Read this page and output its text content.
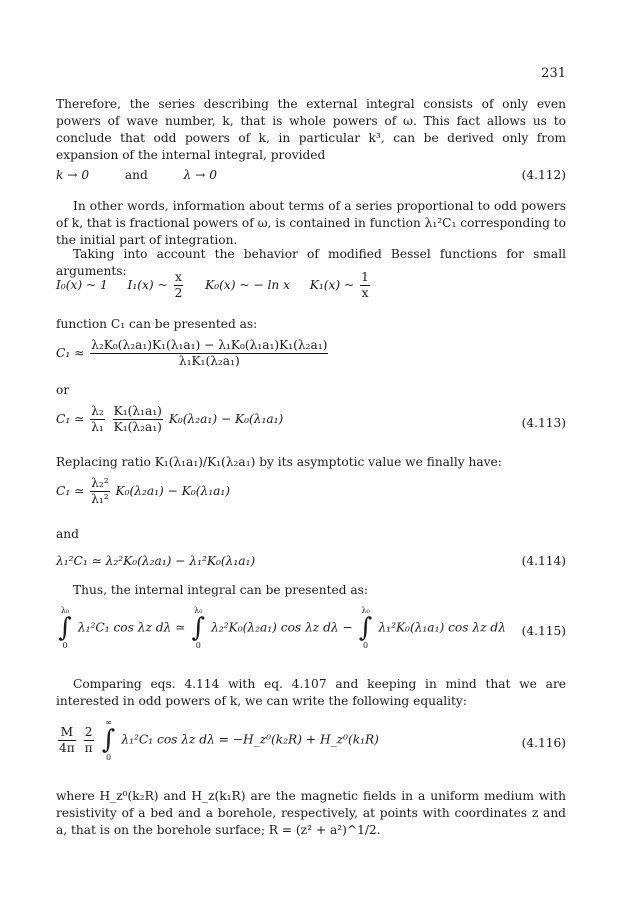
231

Therefore, the series describing the external integral consists of only even powers of wave number, k, that is whole powers of ω. This fact allows us to conclude that odd powers of k, in particular k³, can be derived only from expansion of the internal integral, provided

k → 0	and	λ → 0	(4.112)

In other words, information about terms of a series proportional to odd powers of k, that is fractional powers of ω, is contained in function λ₁²C₁ corresponding to the initial part of integration.

Taking into account the behavior of modified Bessel functions for small arguments:

I₀(x) ~ 1 I₁(x) ~ $\frac{x}{2} K_0(x)$ ~ − ln x K₁(x) ~ $\frac{1}{x}$

function C₁ can be presented as:

$C_1 \approx \frac{\text{λ₂K₀(λ₂a₁)K₁(λ₁a₁) − λ₁K₀(λ₁a₁)K₁(λ₂a₁)}}{\text{λ₁K₁(λ₂a₁)}}$

or

C₁ ≃ $\frac{\text{λ₂}}{\text{λ₁}}$
$\frac{\text{K₁(λ₁a₁)}}{\text{K₁(λ₂a₁)}} K_0(\lambda_2a_1) - K_0(\lambda_1a_1)$	(4.113)

Replacing ratio K₁(λ₁a₁)/K₁(λ₂a₁) by its asymptotic value we finally have:

C₁ ≃ $\frac{\text{λ₂²}}{\text{λ₁²}} K_0(\lambda_2a_1) - K_0(\lambda_1a_1)$

and

λ₁²C₁ ≃ λ₂²K₀(λ₂a₁) − λ₁²K₀(λ₁a₁)	(4.114)

Thus, the internal integral can be presented as:

λ₀
∫
0
λ₁²C₁ cos λz dλ ≃
λ₀
∫
0
λ₂²K₀(λ₂a₁) cos λz dλ −
λ₀
∫
0
λ₁²K₀(λ₁a₁) cos λz dλ (4.115)

Comparing eqs. 4.114 with eq. 4.107 and keeping in mind that we are interested in odd powers of k, we can write the following equality:

$\frac{M}{4\pi}$
$\frac{2}{\pi}$

∞
∫
0
λ₁²C₁ cos λz dλ = −H_z⁰(k₂R) + H_z⁰(k₁R)	(4.116)

where H_z⁰(k₂R) and H_z(k₁R) are the magnetic fields in a uniform medium with resistivity of a bed and a borehole, respectively, at points with coordinates z and a, that is on the borehole surface; R = (z² + a²)^1/2.
